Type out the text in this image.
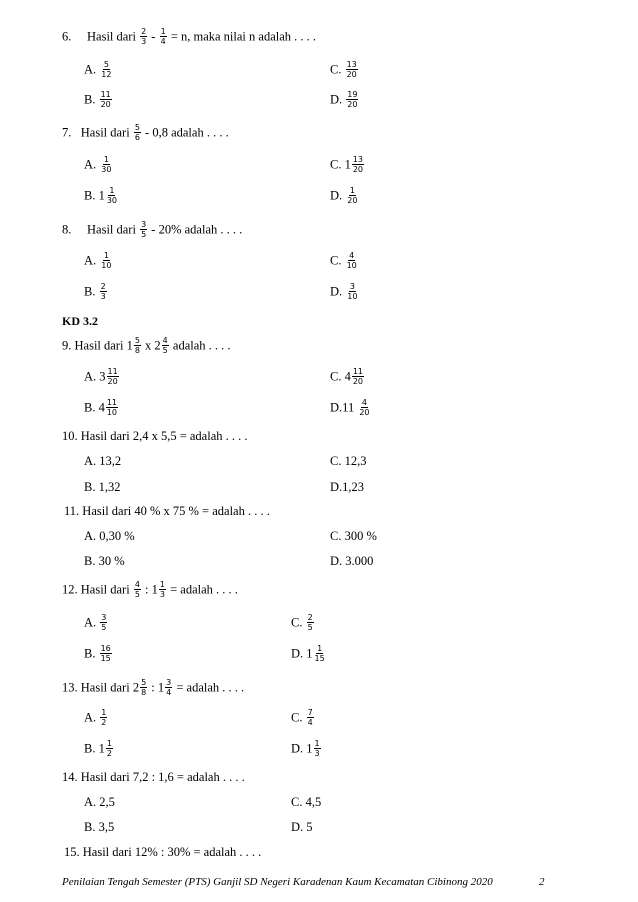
6. Hasil dari $\frac{2}{3} - \frac{1}{4} = n$, maka nilai n adalah . . . .
A. $\frac{5}{12}$	C. $\frac{13}{20}$
B. $\frac{11}{20}$	D. $\frac{19}{20}$
7. Hasil dari $\frac{5}{6} - 0,8$ adalah . . . .
A. $\frac{1}{30}$	C. $1 \frac{13}{20}$
B. $1 \frac{1}{30}$	D. $\frac{1}{20}$
8. Hasil dari $\frac{3}{5} - 20\%$ adalah . . . .
A. $\frac{1}{10}$	C. $\frac{4}{10}$
B. $\frac{2}{3}$	D. $\frac{3}{10}$
KD 3.2
9. Hasil dari $1 \frac{5}{8}$ x $2 \frac{4}{5}$ adalah . . . .
A. $3 \frac{11}{20}$	C. $4 \frac{11}{20}$
B. $4 \frac{11}{10}$	$D.11 \frac{4}{20}$
10. Hasil dari 2,4 x 5,5 = adalah . . . .
A. 13,2	C. 12,3
B. 1,32	D.1,23
11. Hasil dari 40 % x 75 % = adalah . . . .
A. 0,30 %	C. 300 %
B. 30 %	D. 3.000
12. Hasil dari $\frac{4}{5}$ : $1 \frac{1}{3}$ = adalah . . . .
A. $\frac{3}{5}$	C. $\frac{2}{5}$
B. $\frac{16}{15}$	D. $1 \frac{1}{15}$
13. Hasil dari $2 \frac{5}{8}$ : $1 \frac{3}{4}$ = adalah . . . .
A. $\frac{1}{2}$	C. $\frac{7}{4}$
B. $1 \frac{1}{2}$	D. $1 \frac{1}{3}$
14. Hasil dari 7,2 : 1,6 = adalah . . . .
A. 2,5	C. 4,5
B. 3,5	D. 5
15. Hasil dari 12% : 30% = adalah . . . .
Penilaian Tengah Semester (PTS) Ganjil SD Negeri Karadenan Kaum Kecamatan Cibinong 2020	2
